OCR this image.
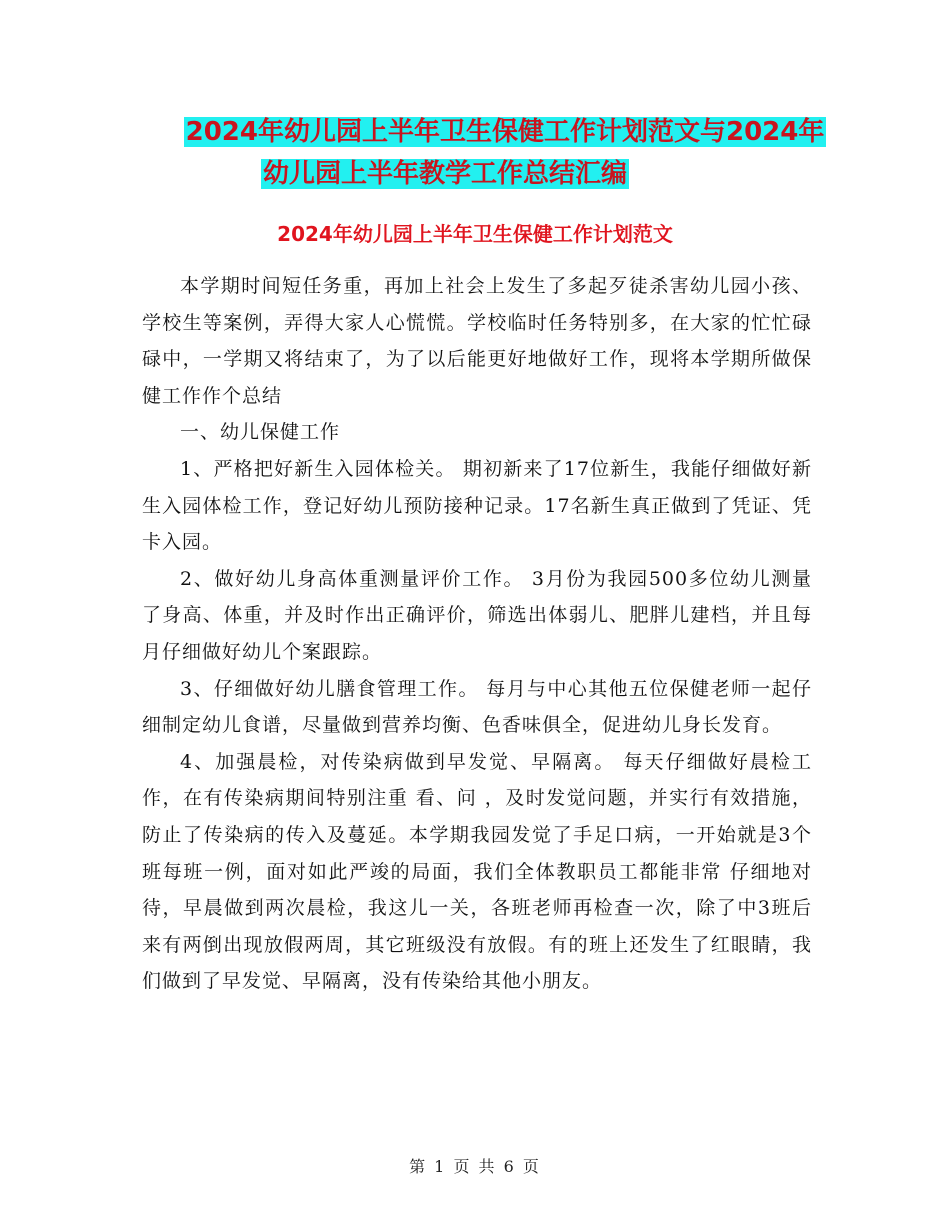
2024年幼儿园上半年卫生保健工作计划范文与2024年
幼儿园上半年教学工作总结汇编
2024年幼儿园上半年卫生保健工作计划范文

本学期时间短任务重，再加上社会上发生了多起歹徒杀害幼儿园小孩、学校生等案例，弄得大家人心慌慌。学校临时任务特别多，在大家的忙忙碌碌中，一学期又将结束了，为了以后能更好地做好工作，现将本学期所做保健工作作个总结

一、幼儿保健工作

1、严格把好新生入园体检关。 期初新来了17位新生，我能仔细做好新生入园体检工作，登记好幼儿预防接种记录。17名新生真正做到了凭证、凭卡入园。

2、做好幼儿身高体重测量评价工作。 3月份为我园500多位幼儿测量了身高、体重，并及时作出正确评价，筛选出体弱儿、肥胖儿建档，并且每月仔细做好幼儿个案跟踪。

3、仔细做好幼儿膳食管理工作。 每月与中心其他五位保健老师一起仔细制定幼儿食谱，尽量做到营养均衡、色香味俱全，促进幼儿身长发育。

4、加强晨检，对传染病做到早发觉、早隔离。 每天仔细做好晨检工作，在有传染病期间特别注重 看、问 ，及时发觉问题，并实行有效措施，防止了传染病的传入及蔓延。本学期我园发觉了手足口病，一开始就是3个班每班一例，面对如此严竣的局面，我们全体教职员工都能非常 仔细地对待，早晨做到两次晨检，我这儿一关，各班老师再检查一次，除了中3班后来有两倒出现放假两周，其它班级没有放假。有的班上还发生了红眼睛，我们做到了早发觉、早隔离，没有传染给其他小朋友。

第 1 页 共 6 页
